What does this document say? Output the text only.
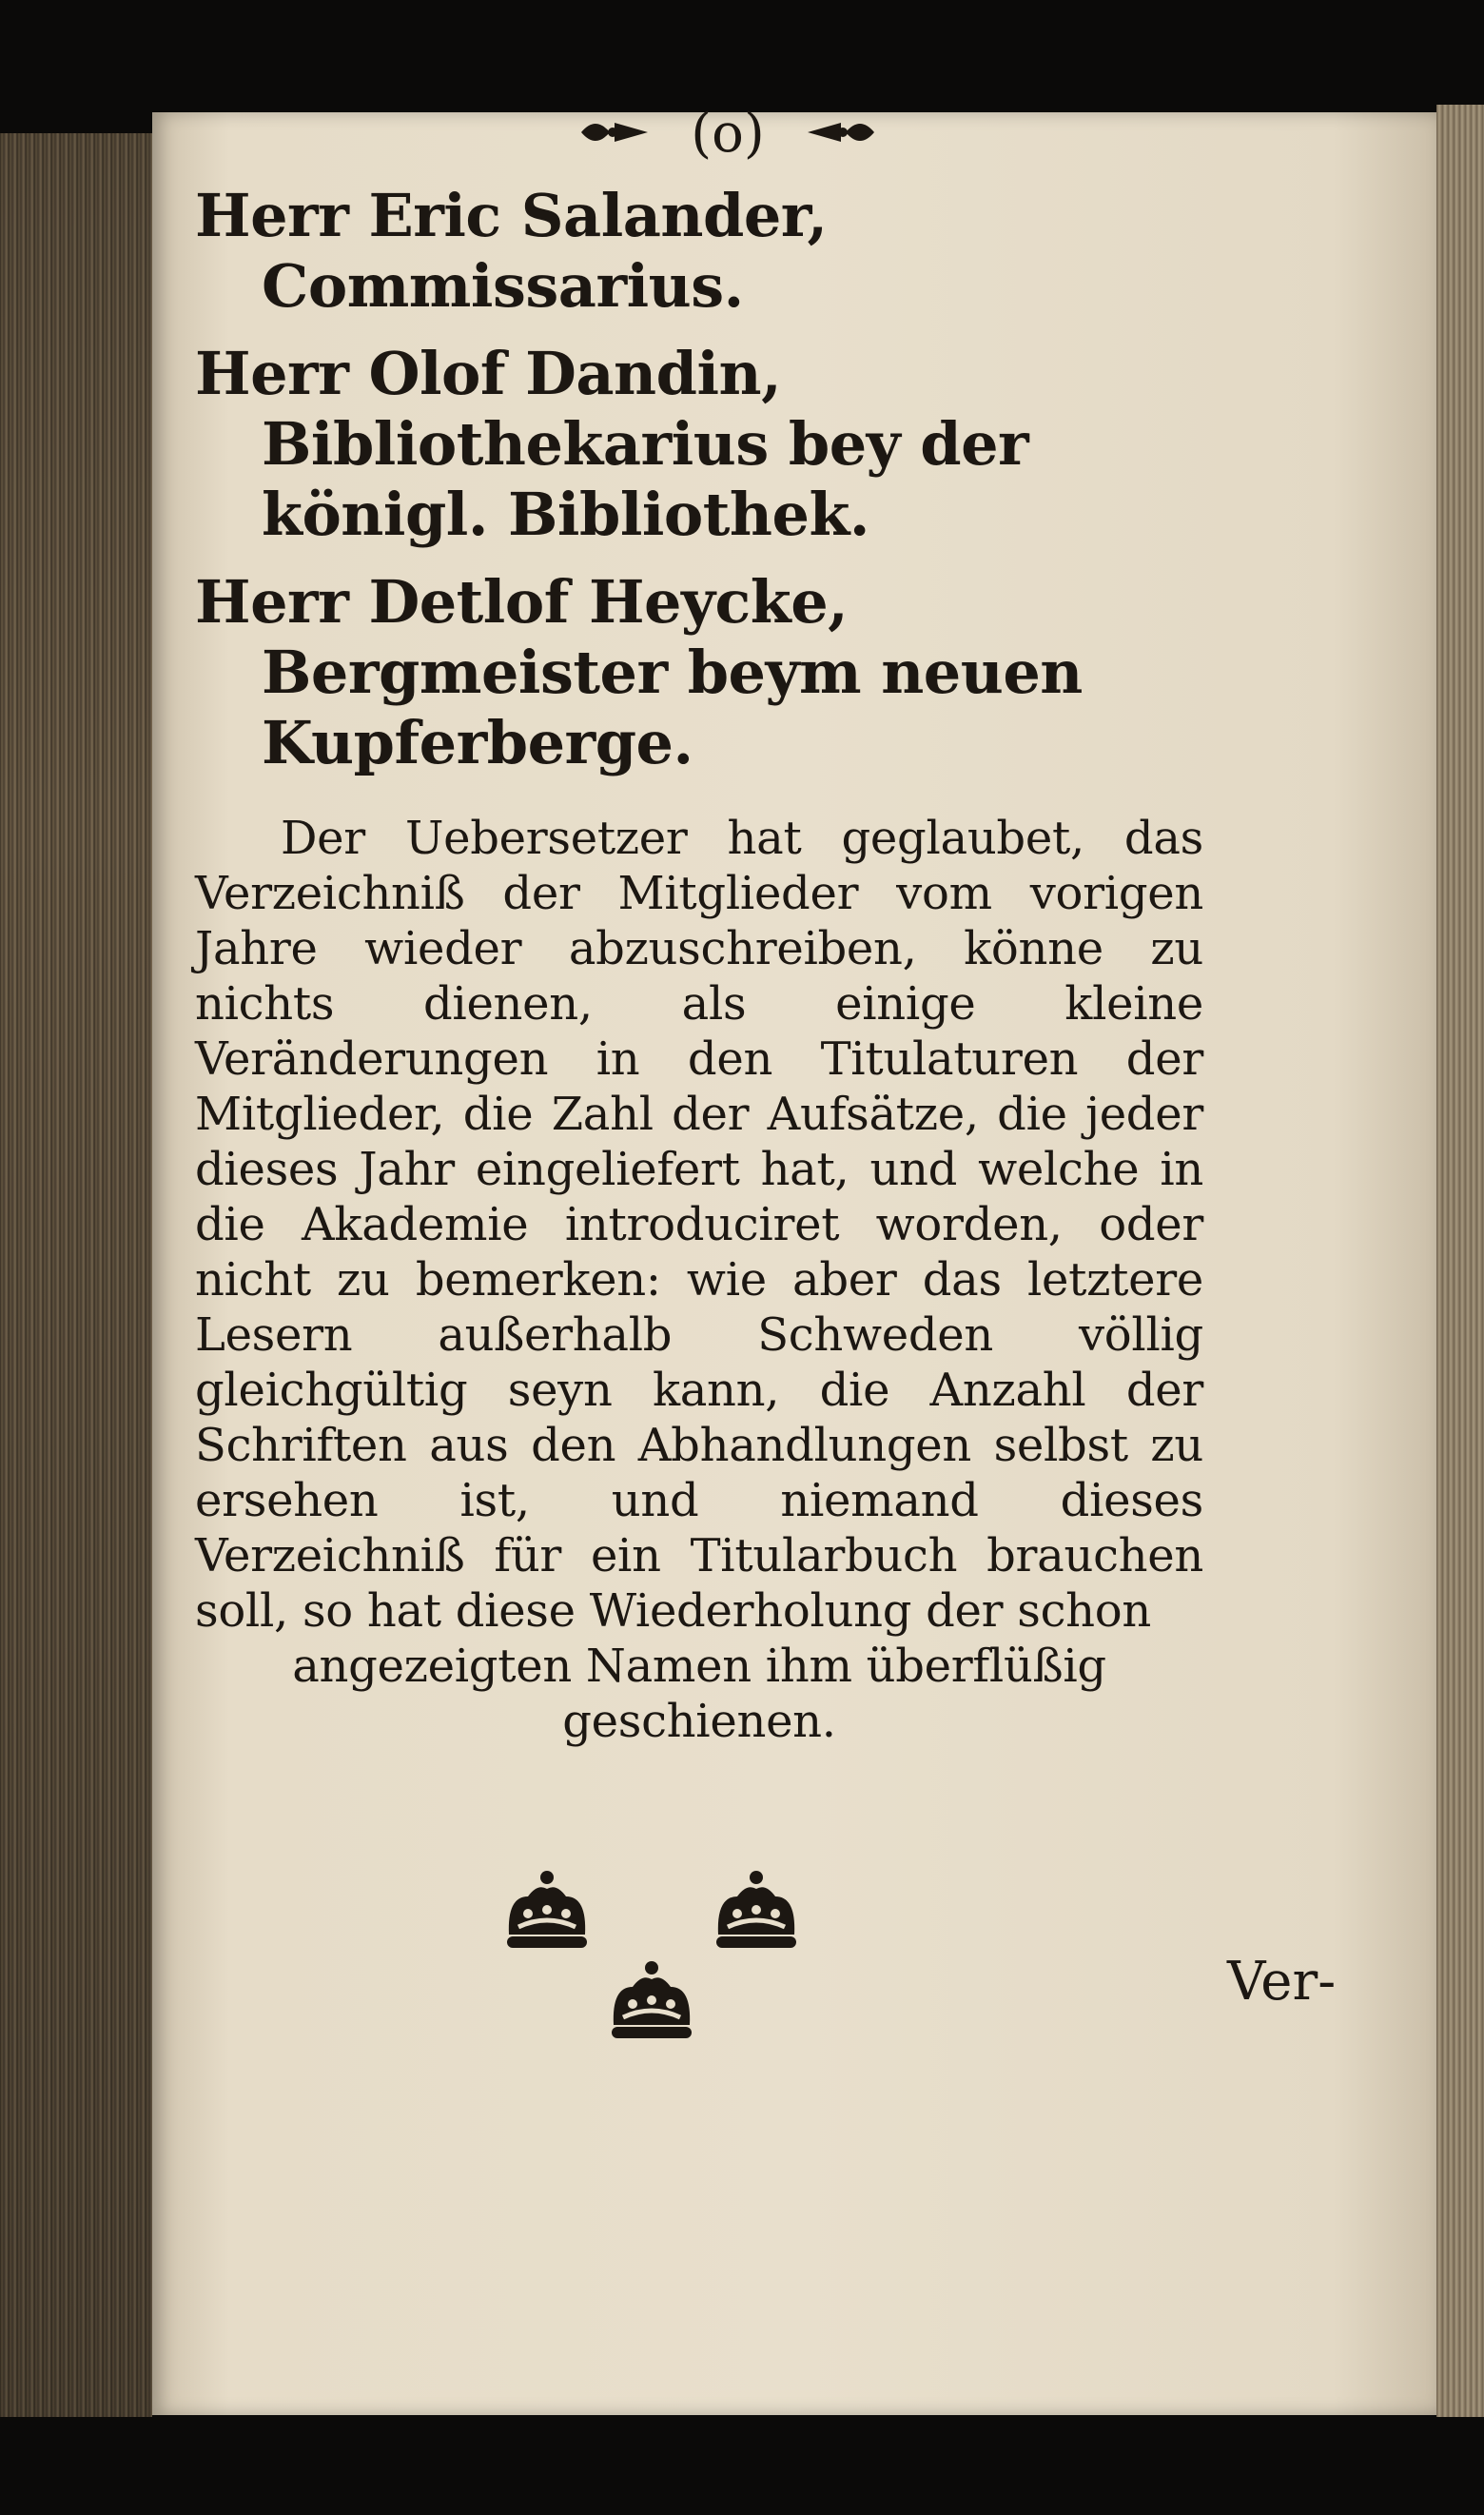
(o)
Herr Eric Salander, Commissarius.
Herr Olof Dandin, Bibliothekarius bey der königl. Bibliothek.
Herr Detlof Heycke, Bergmeister beym neuen Kupferberge.
Der Uebersetzer hat geglaubet, das Verzeichniß der Mitglieder vom vorigen Jahre wieder abzuschreiben, könne zu nichts dienen, als einige kleine Veränderungen in den Titulaturen der Mitglieder, die Zahl der Aufsätze, die jeder dieses Jahr eingeliefert hat, und welche in die Akademie introduciret worden, oder nicht zu bemerken: wie aber das letztere Lesern außerhalb Schweden völlig gleichgültig seyn kann, die Anzahl der Schriften aus den Abhandlungen selbst zu ersehen ist, und niemand dieses Verzeichniß für ein Titularbuch brauchen soll, so hat diese Wiederholung der schon
angezeigten Namen ihm überflüßig geschienen.
Ver-
